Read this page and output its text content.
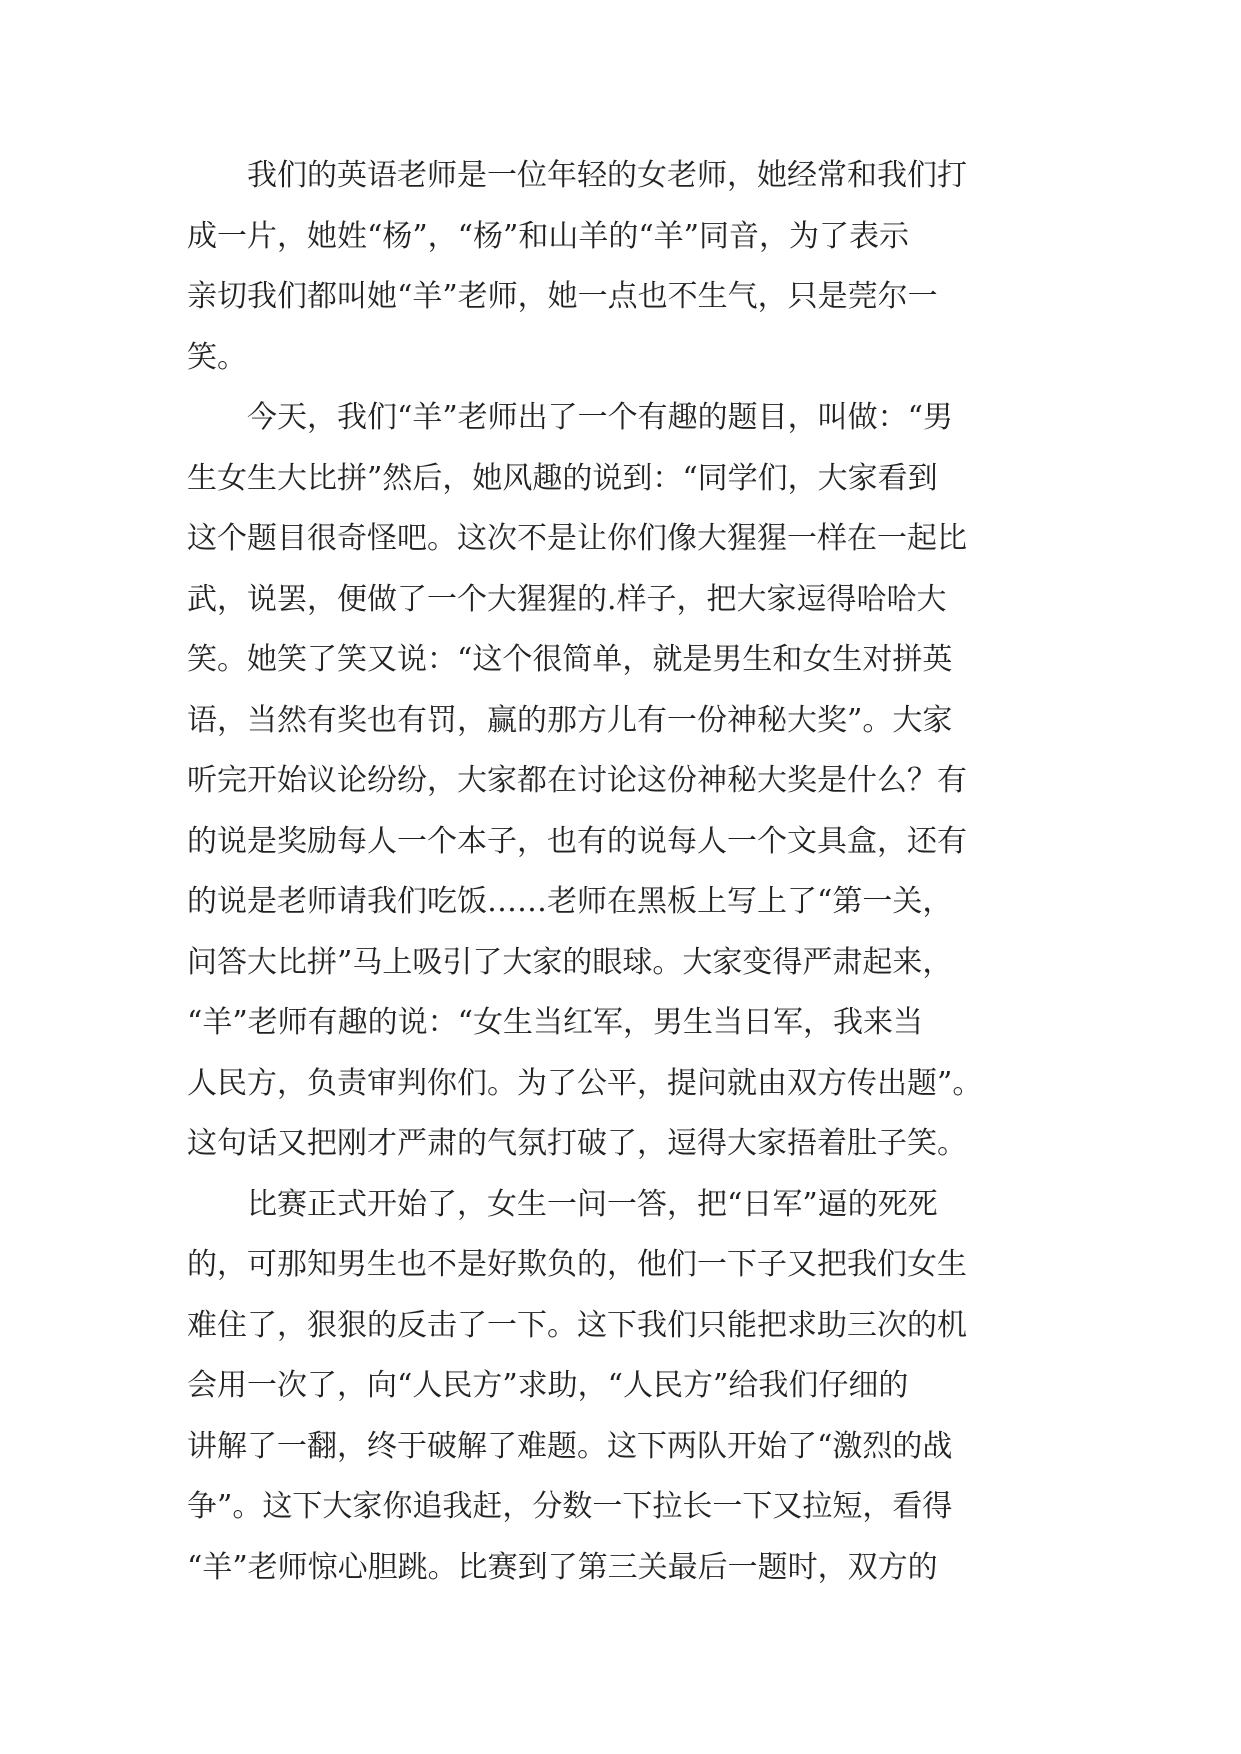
　　我们的英语老师是一位年轻的女老师，她经常和我们打
成一片，她姓“杨”，“杨”和山羊的“羊”同音，为了表示
亲切我们都叫她“羊”老师，她一点也不生气，只是莞尔一
笑。

　　今天，我们“羊”老师出了一个有趣的题目，叫做：“男
生女生大比拼”然后，她风趣的说到：“同学们，大家看到
这个题目很奇怪吧。这次不是让你们像大猩猩一样在一起比
武，说罢，便做了一个大猩猩的.样子，把大家逗得哈哈大
笑。她笑了笑又说：“这个很简单，就是男生和女生对拼英
语，当然有奖也有罚，赢的那方儿有一份神秘大奖”。大家
听完开始议论纷纷，大家都在讨论这份神秘大奖是什么？有
的说是奖励每人一个本子，也有的说每人一个文具盒，还有
的说是老师请我们吃饭……老师在黑板上写上了“第一关，
问答大比拼”马上吸引了大家的眼球。大家变得严肃起来，
“羊”老师有趣的说：“女生当红军，男生当日军，我来当
人民方，负责审判你们。为了公平，提问就由双方传出题”。
这句话又把刚才严肃的气氛打破了，逗得大家捂着肚子笑。

　　比赛正式开始了，女生一问一答，把“日军”逼的死死
的，可那知男生也不是好欺负的，他们一下子又把我们女生
难住了，狠狠的反击了一下。这下我们只能把求助三次的机
会用一次了，向“人民方”求助，“人民方”给我们仔细的
讲解了一翻，终于破解了难题。这下两队开始了“激烈的战
争”。这下大家你追我赶，分数一下拉长一下又拉短，看得
“羊”老师惊心胆跳。比赛到了第三关最后一题时，双方的
